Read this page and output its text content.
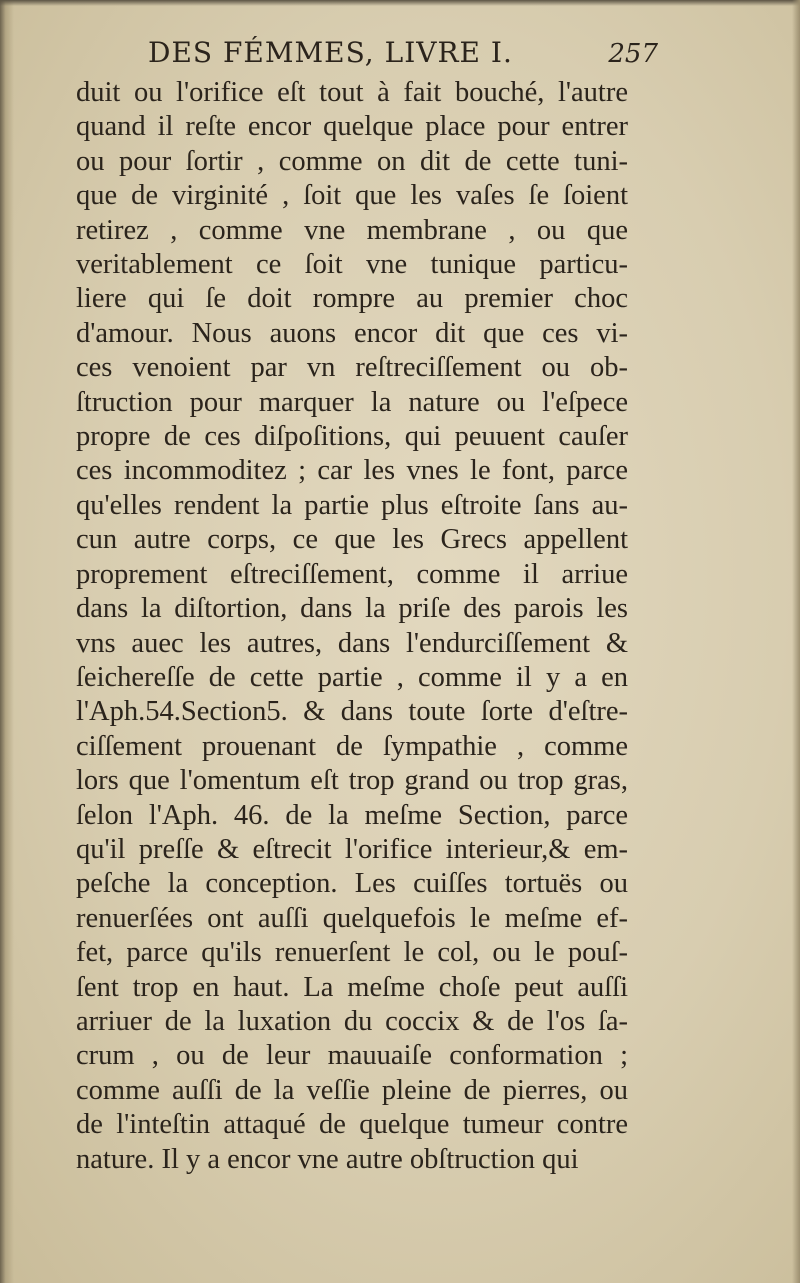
DES FÉMMES, LIVRE I.	257
duit ou l'orifice eſt tout à fait bouché, l'autre
quand il reſte encor quelque place pour entrer
ou pour ſortir , comme on dit de cette tuni-
que de virginité , ſoit que les vaſes ſe ſoient
retirez , comme vne membrane , ou que
veritablement ce ſoit vne tunique particu-
liere qui ſe doit rompre au premier choc
d'amour. Nous auons encor dit que ces vi-
ces venoient par vn reſtreciſſement ou ob-
ſtruction pour marquer la nature ou l'eſpece
propre de ces diſpoſitions, qui peuuent cauſer
ces incommoditez ; car les vnes le font, parce
qu'elles rendent la partie plus eſtroite ſans au-
cun autre corps, ce que les Grecs appellent
proprement eſtreciſſement, comme il arriue
dans la diſtortion, dans la priſe des parois les
vns auec les autres, dans l'endurciſſement &
ſeichereſſe de cette partie , comme il y a en
l'Aph.54.Section5. & dans toute ſorte d'eſtre-
ciſſement prouenant de ſympathie , comme
lors que l'omentum eſt trop grand ou trop gras,
ſelon l'Aph. 46. de la meſme Section, parce
qu'il preſſe & eſtrecit l'orifice interieur,& em-
peſche la conception. Les cuiſſes tortuës ou
renuerſées ont auſſi quelquefois le meſme ef-
fet, parce qu'ils renuerſent le col, ou le pouſ-
ſent trop en haut. La meſme choſe peut auſſi
arriuer de la luxation du coccix & de l'os ſa-
crum , ou de leur mauuaiſe conformation ;
comme auſſi de la veſſie pleine de pierres, ou
de l'inteſtin attaqué de quelque tumeur contre
nature. Il y a encor vne autre obſtruction qui
